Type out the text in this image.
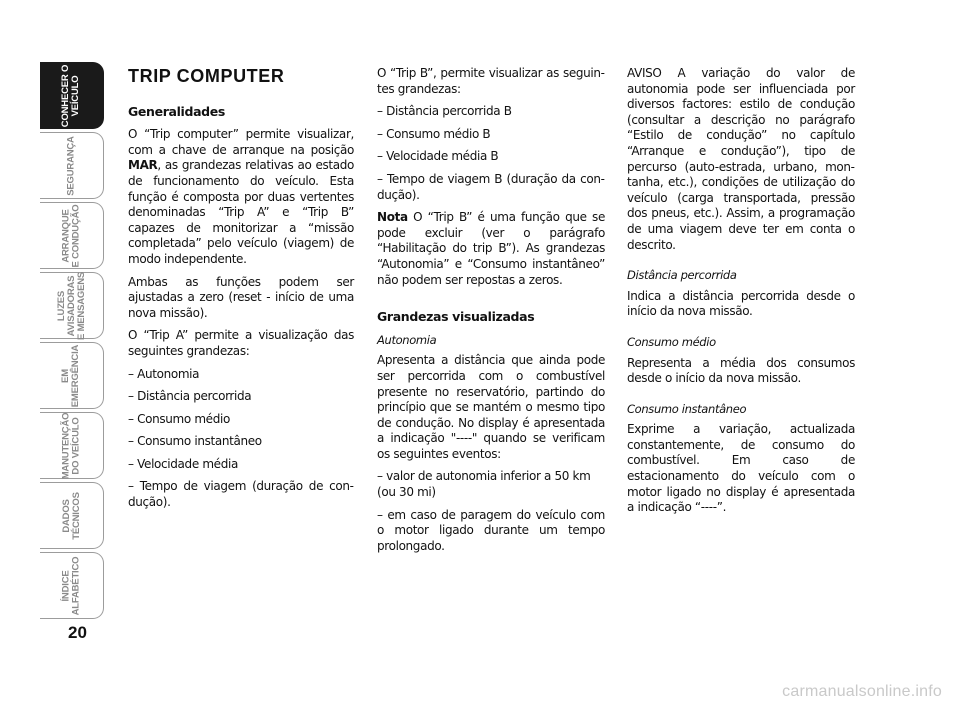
CONHECER O
VEÍCULO
SEGURANÇA
ARRANQUE
E CONDUÇÃO
LUZES
AVISADORAS
E MENSAGENS
EM
EMERGÊNCIA
MANUTENÇÃO
DO VEÍCULO
DADOS
TÉCNICOS
ÍNDICE
ALFABÉTICO
20
TRIP COMPUTER
Generalidades

O “Trip computer” permite visualizar, com a chave de arranque na posição MAR, as grandezas relativas ao estado de funcionamento do veículo. Esta função é composta por duas vertentes denominadas “Trip A” e “Trip B” capazes de monitorizar a “missão completada” pelo veículo (viagem) de modo independente.

Ambas as funções podem ser ajustadas a zero (reset - início de uma nova missão).

O “Trip A” permite a visualização das seguintes grandezas:

– Autonomia

– Distância percorrida

– Consumo médio

– Consumo instantâneo

– Velocidade média

– Tempo de viagem (duração de condução).

O “Trip B”, permite visualizar as seguintes grandezas:

– Distância percorrida B

– Consumo médio B

– Velocidade média B

– Tempo de viagem B (duração da condução).

Nota O “Trip B” é uma função que se pode excluir (ver o parágrafo “Habilitação do trip B”). As grandezas “Autonomia” e “Consumo instantâneo” não podem ser repostas a zeros.

Grandezas visualizadas
Autonomia

Apresenta a distância que ainda pode ser percorrida com o combustível presente no reservatório, partindo do princípio que se mantém o mesmo tipo de condução. No display é apresentada a indicação "----" quando se verificam os seguintes eventos:

– valor de autonomia inferior a 50 km (ou 30 mi)

– em caso de paragem do veículo com o motor ligado durante um tempo prolongado.

AVISO A variação do valor de autonomia pode ser influenciada por diversos factores: estilo de condução (consultar a descrição no parágrafo “Estilo de condução” no capítulo “Arranque e condução”), tipo de percurso (auto-estrada, urbano, montanha, etc.), condições de utilização do veículo (carga transportada, pressão dos pneus, etc.). Assim, a programação de uma viagem deve ter em conta o descrito.

Distância percorrida

Indica a distância percorrida desde o início da nova missão.

Consumo médio

Representa a média dos consumos desde o início da nova missão.

Consumo instantâneo

Exprime a variação, actualizada constantemente, de consumo do combustível. Em caso de estacionamento do veículo com o motor ligado no display é apresentada a indicação “----”.

carmanualsonline.info
